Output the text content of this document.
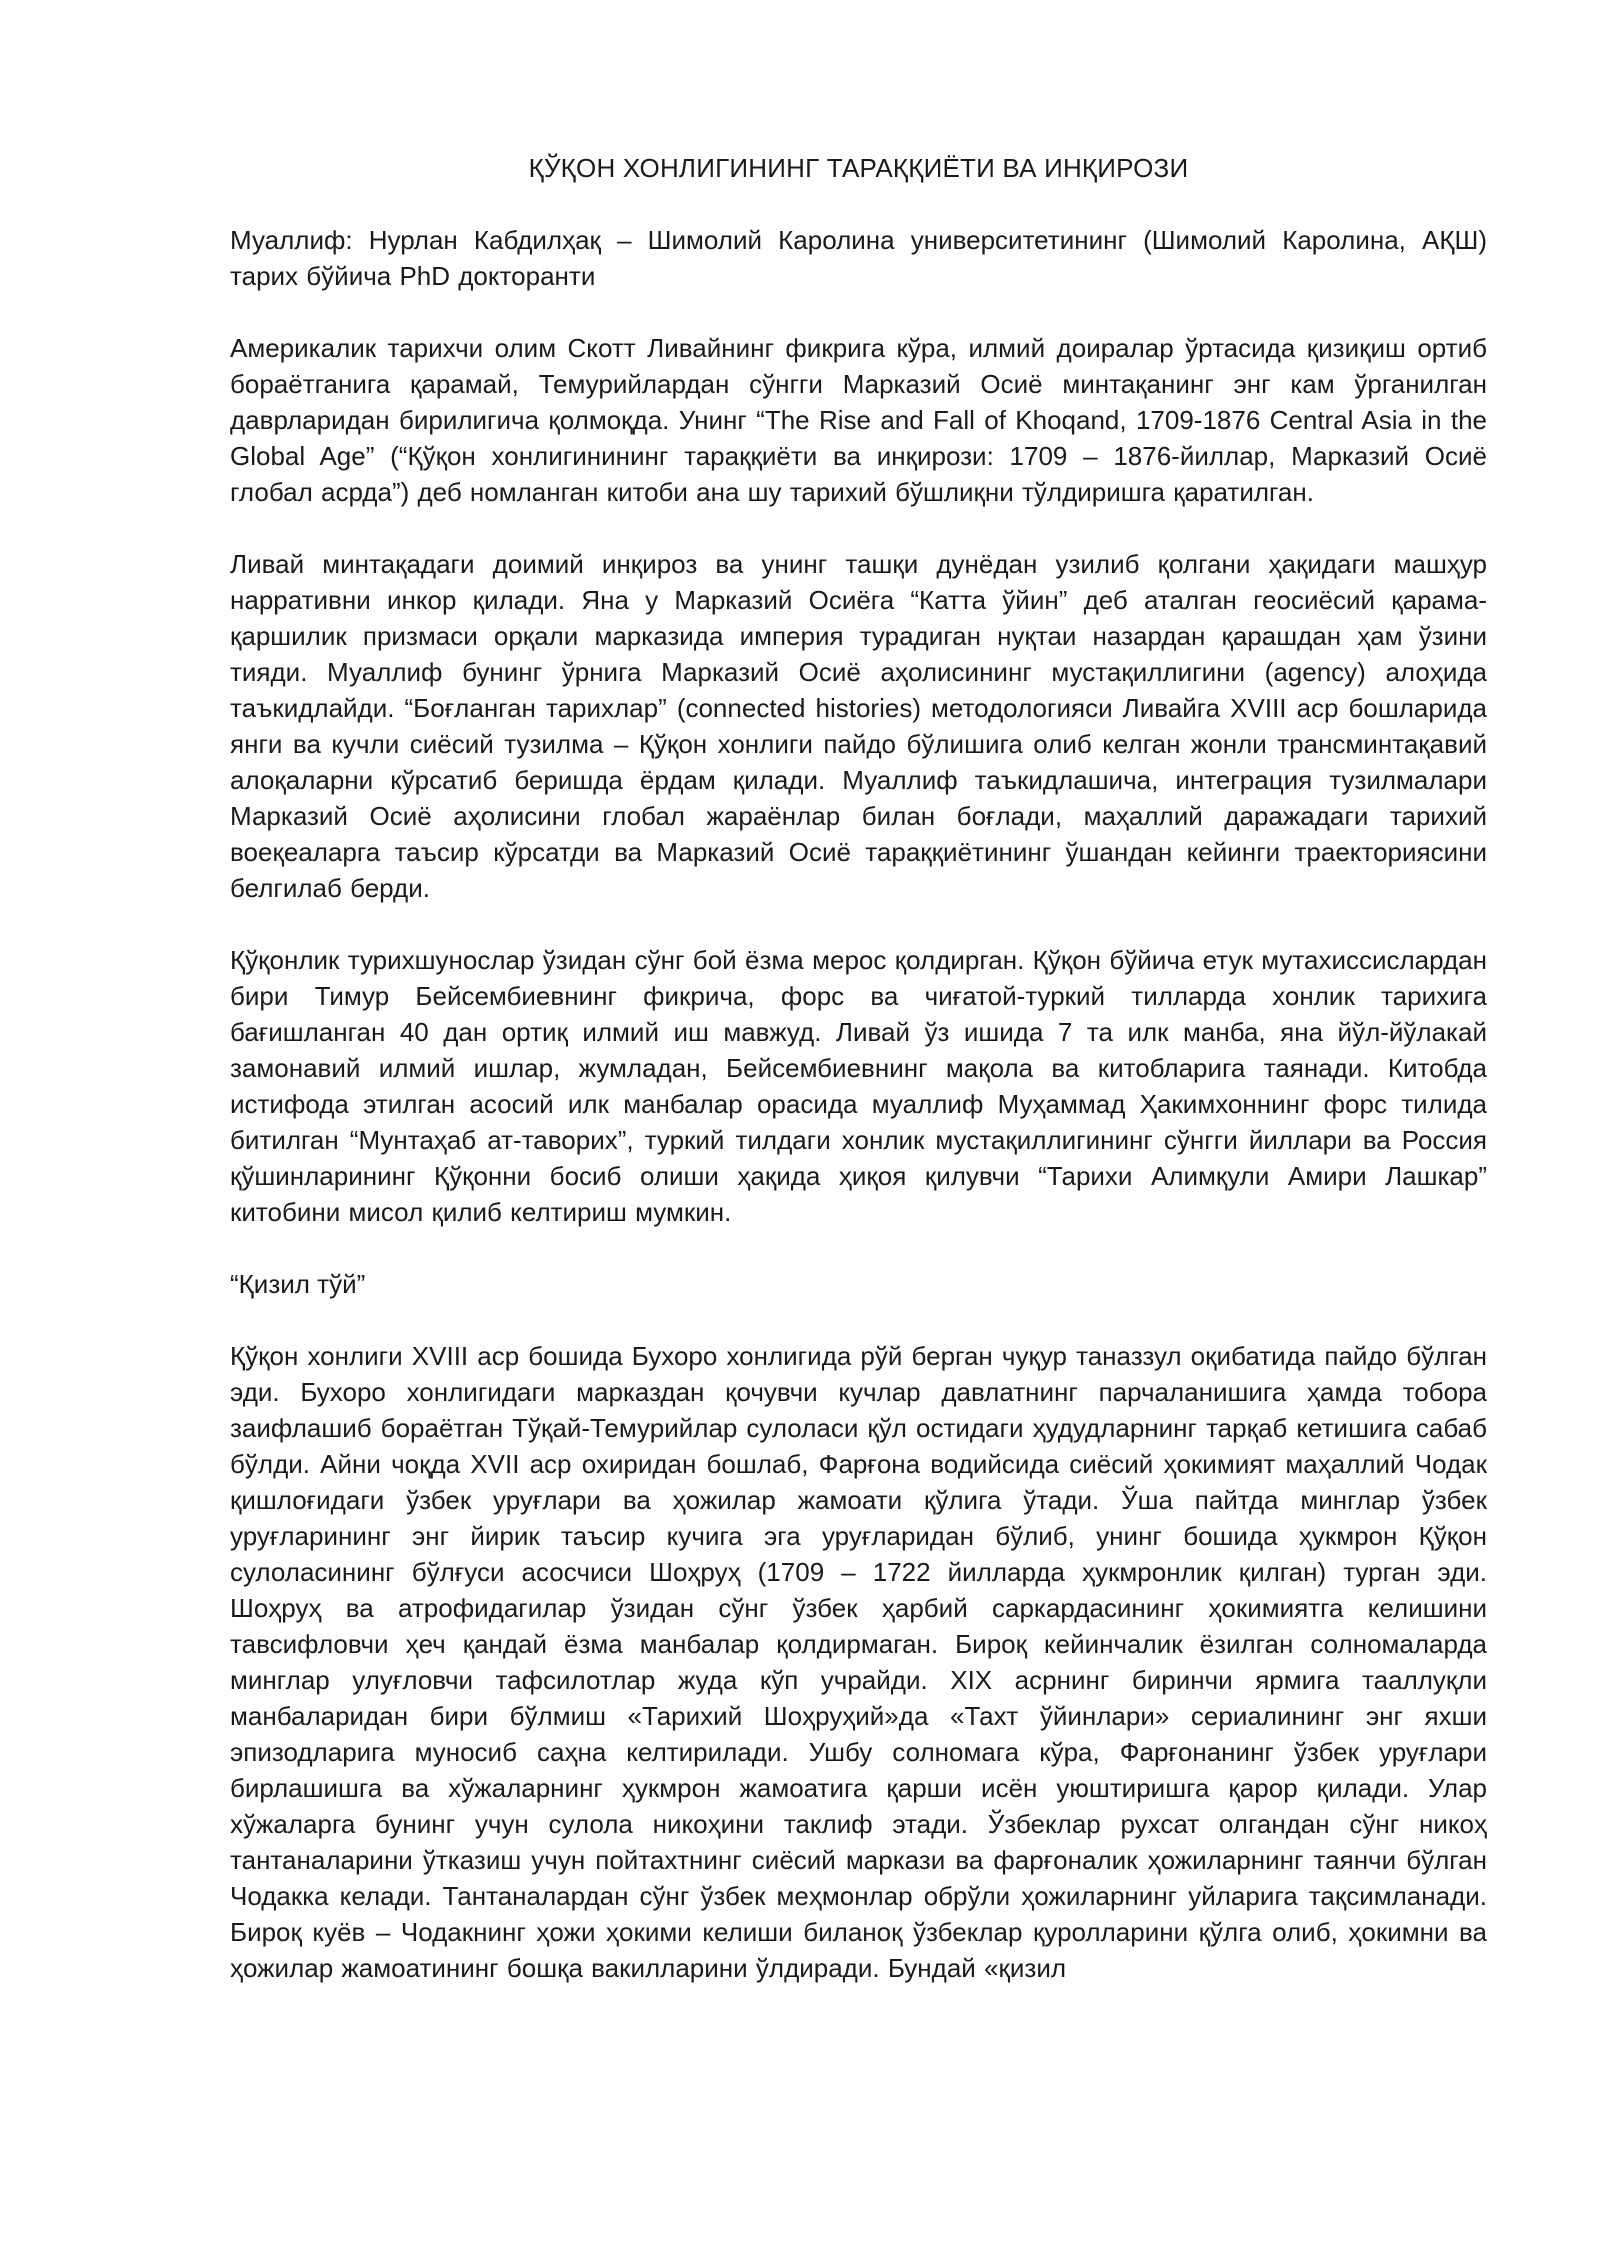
ҚЎҚОН ХОНЛИГИНИНГ ТАРАҚҚИЁТИ ВА ИНҚИРОЗИ
Муаллиф: Нурлан Кабдилҳақ – Шимолий Каролина университетининг (Шимолий Каролина, АҚШ) тарих бўйича PhD докторанти
Америкалик тарихчи олим Скотт Ливайнинг фикрига кўра, илмий доиралар ўртасида қизиқиш ортиб бораётганига қарамай, Темурийлардан сўнгги Марказий Осиё минтақанинг энг кам ўрганилган даврларидан бирилигича қолмоқда. Унинг “The Rise and Fall of Khoqand, 1709-1876 Central Asia in the Global Age” (“Қўқон хонлигинининг тараққиёти ва инқирози: 1709 – 1876-йиллар, Марказий Осиё глобал асрда”) деб номланган китоби ана шу тарихий бўшлиқни тўлдиришга қаратилган.
Ливай минтақадаги доимий инқироз ва унинг ташқи дунёдан узилиб қолгани ҳақидаги машҳур нарративни инкор қилади. Яна у Марказий Осиёга “Катта ўйин” деб аталган геосиёсий қарама-қаршилик призмаси орқали марказида империя турадиган нуқтаи назардан қарашдан ҳам ўзини тияди. Муаллиф бунинг ўрнига Марказий Осиё аҳолисининг мустақиллигини (agency) алоҳида таъкидлайди. “Боғланган тарихлар” (connected histories) методологияси Ливайга XVIII аср бошларида янги ва кучли сиёсий тузилма – Қўқон хонлиги пайдо бўлишига олиб келган жонли трансминтақавий алоқаларни кўрсатиб беришда ёрдам қилади. Муаллиф таъкидлашича, интеграция тузилмалари Марказий Осиё аҳолисини глобал жараёнлар билан боғлади, маҳаллий даражадаги тарихий воеқеаларга таъсир кўрсатди ва Марказий Осиё тараққиётининг ўшандан кейинги траекториясини белгилаб берди.
Қўқонлик турихшунослар ўзидан сўнг бой ёзма мерос қолдирган. Қўқон бўйича етук мутахиссислардан бири Тимур Бейсембиевнинг фикрича, форс ва чиғатой-туркий тилларда хонлик тарихига бағишланган 40 дан ортиқ илмий иш мавжуд. Ливай ўз ишида 7 та илк манба, яна йўл-йўлакай замонавий илмий ишлар, жумладан, Бейсембиевнинг мақола ва китобларига таянади. Китобда истифода этилган асосий илк манбалар орасида муаллиф Муҳаммад Ҳакимхоннинг форс тилида битилган “Мунтаҳаб ат-таворих”, туркий тилдаги хонлик мустақиллигининг сўнгги йиллари ва Россия қўшинларининг Қўқонни босиб олиши ҳақида ҳиқоя қилувчи “Тарихи Алимқули Амири Лашкар” китобини мисол қилиб келтириш мумкин.
“Қизил тўй”
Қўқон хонлиги XVIII аср бошида Бухоро хонлигида рўй берган чуқур таназзул оқибатида пайдо бўлган эди. Бухоро хонлигидаги марказдан қочувчи кучлар давлатнинг парчаланишига ҳамда тобора заифлашиб бораётган Тўқай-Темурийлар сулоласи қўл остидаги ҳудудларнинг тарқаб кетишига сабаб бўлди. Айни чоқда XVII аср охиридан бошлаб, Фарғона водийсида сиёсий ҳокимият маҳаллий Чодак қишлоғидаги ўзбек уруғлари ва ҳожилар жамоати қўлига ўтади. Ўша пайтда минглар ўзбек уруғларининг энг йирик таъсир кучига эга уруғларидан бўлиб, унинг бошида ҳукмрон Қўқон сулоласининг бўлғуси асосчиси Шоҳруҳ (1709 – 1722 йилларда ҳукмронлик қилган) турган эди. Шоҳруҳ ва атрофидагилар ўзидан сўнг ўзбек ҳарбий саркардасининг ҳокимиятга келишини тавсифловчи ҳеч қандай ёзма манбалар қолдирмаган. Бироқ кейинчалик ёзилган солномаларда минглар улуғловчи тафсилотлар жуда кўп учрайди. XIX асрнинг биринчи ярмига тааллуқли манбаларидан бири бўлмиш «Тарихий Шоҳруҳий»да «Тахт ўйинлари» сериалининг энг яхши эпизодларига муносиб саҳна келтирилади. Ушбу солномага кўра, Фарғонанинг ўзбек уруғлари бирлашишга ва хўжаларнинг ҳукмрон жамоатига қарши исён уюштиришга қарор қилади. Улар хўжаларга бунинг учун сулола никоҳини таклиф этади. Ўзбеклар рухсат олгандан сўнг никоҳ тантаналарини ўтказиш учун пойтахтнинг сиёсий маркази ва фарғоналик ҳожиларнинг таянчи бўлган Чодакка келади. Тантаналардан сўнг ўзбек меҳмонлар обрўли ҳожиларнинг уйларига тақсимланади. Бироқ куёв – Чодакнинг ҳожи ҳокими келиши биланоқ ўзбеклар қуролларини қўлга олиб, ҳокимни ва ҳожилар жамоатининг бошқа вакилларини ўлдиради. Бундай «қизил
